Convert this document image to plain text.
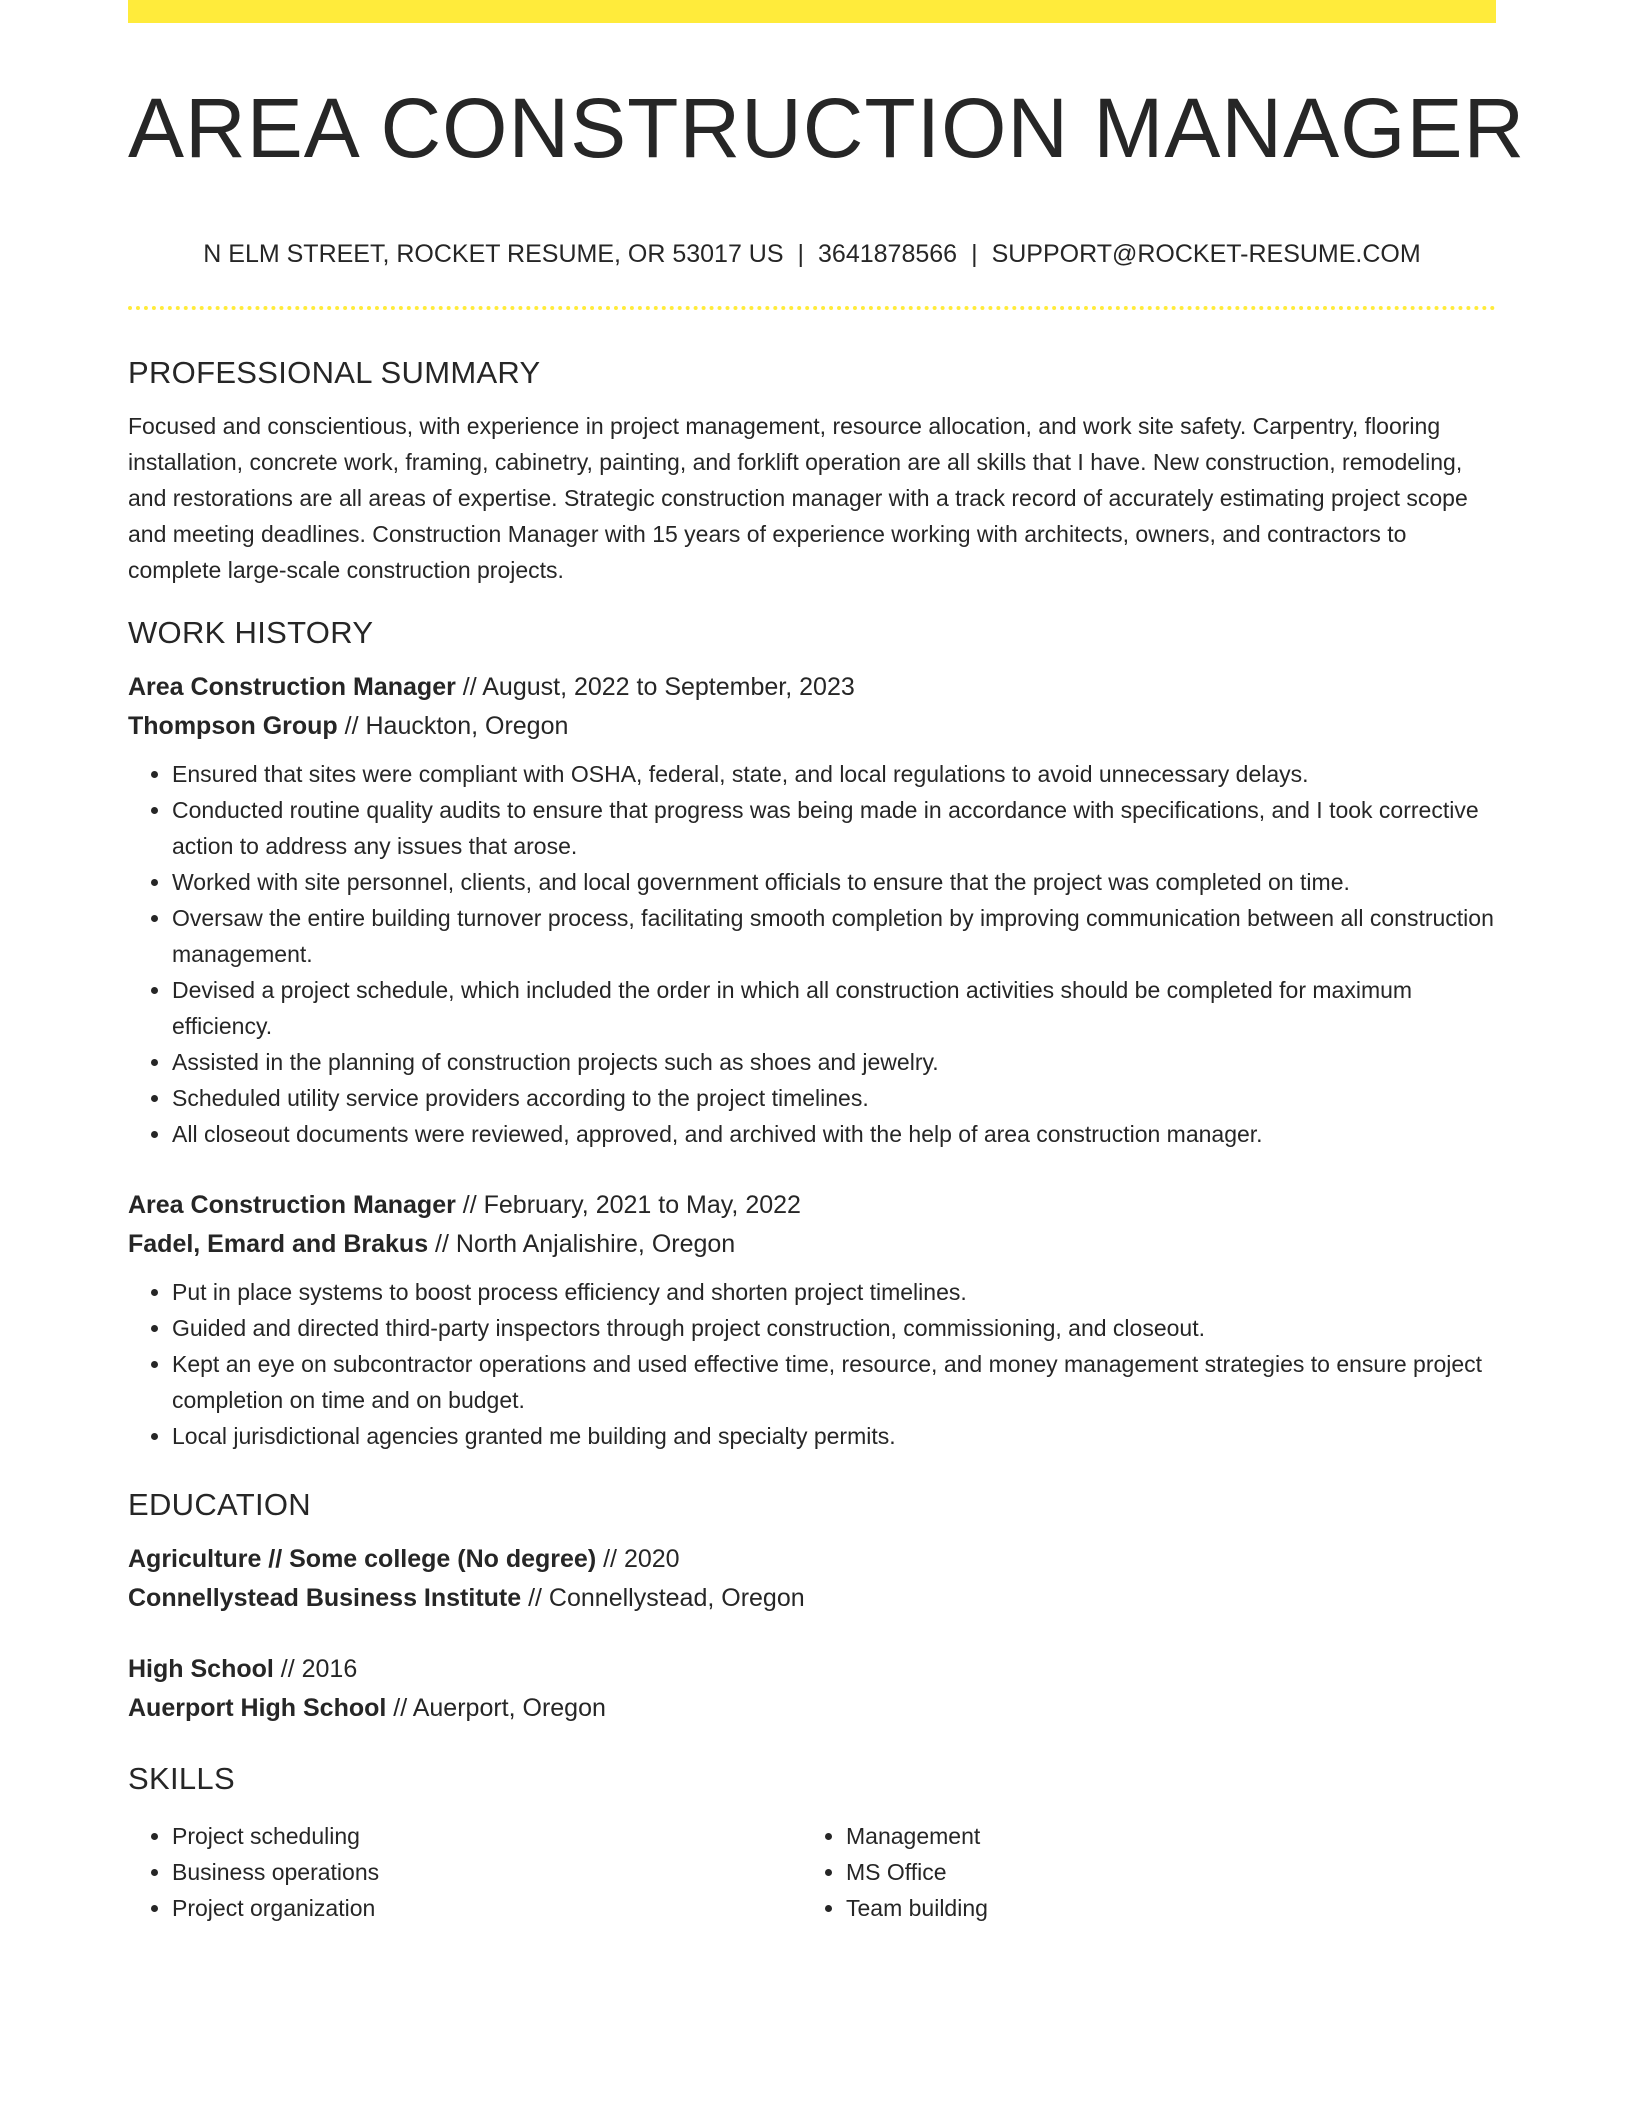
AREA CONSTRUCTION MANAGER
N ELM STREET, ROCKET RESUME, OR 53017 US | 3641878566 | SUPPORT@ROCKET-RESUME.COM
PROFESSIONAL SUMMARY

Focused and conscientious, with experience in project management, resource allocation, and work site safety. Carpentry, flooring installation, concrete work, framing, cabinetry, painting, and forklift operation are all skills that I have. New construction, remodeling, and restorations are all areas of expertise. Strategic construction manager with a track record of accurately estimating project scope and meeting deadlines. Construction Manager with 15 years of experience working with architects, owners, and contractors to complete large-scale construction projects.

WORK HISTORY
Area Construction Manager // August, 2022 to September, 2023
Thompson Group // Hauckton, Oregon
• Ensured that sites were compliant with OSHA, federal, state, and local regulations to avoid unnecessary delays.
• Conducted routine quality audits to ensure that progress was being made in accordance with specifications, and I took corrective action to address any issues that arose.
• Worked with site personnel, clients, and local government officials to ensure that the project was completed on time.
• Oversaw the entire building turnover process, facilitating smooth completion by improving communication between all construction management.
• Devised a project schedule, which included the order in which all construction activities should be completed for maximum efficiency.
• Assisted in the planning of construction projects such as shoes and jewelry.
• Scheduled utility service providers according to the project timelines.
• All closeout documents were reviewed, approved, and archived with the help of area construction manager.
Area Construction Manager // February, 2021 to May, 2022
Fadel, Emard and Brakus // North Anjalishire, Oregon
• Put in place systems to boost process efficiency and shorten project timelines.
• Guided and directed third-party inspectors through project construction, commissioning, and closeout.
• Kept an eye on subcontractor operations and used effective time, resource, and money management strategies to ensure project completion on time and on budget.
• Local jurisdictional agencies granted me building and specialty permits.
EDUCATION
Agriculture // Some college (No degree) // 2020
Connellystead Business Institute // Connellystead, Oregon
High School // 2016
Auerport High School // Auerport, Oregon
SKILLS
• Project scheduling
• Business operations
• Project organization
• Management
• MS Office
• Team building
